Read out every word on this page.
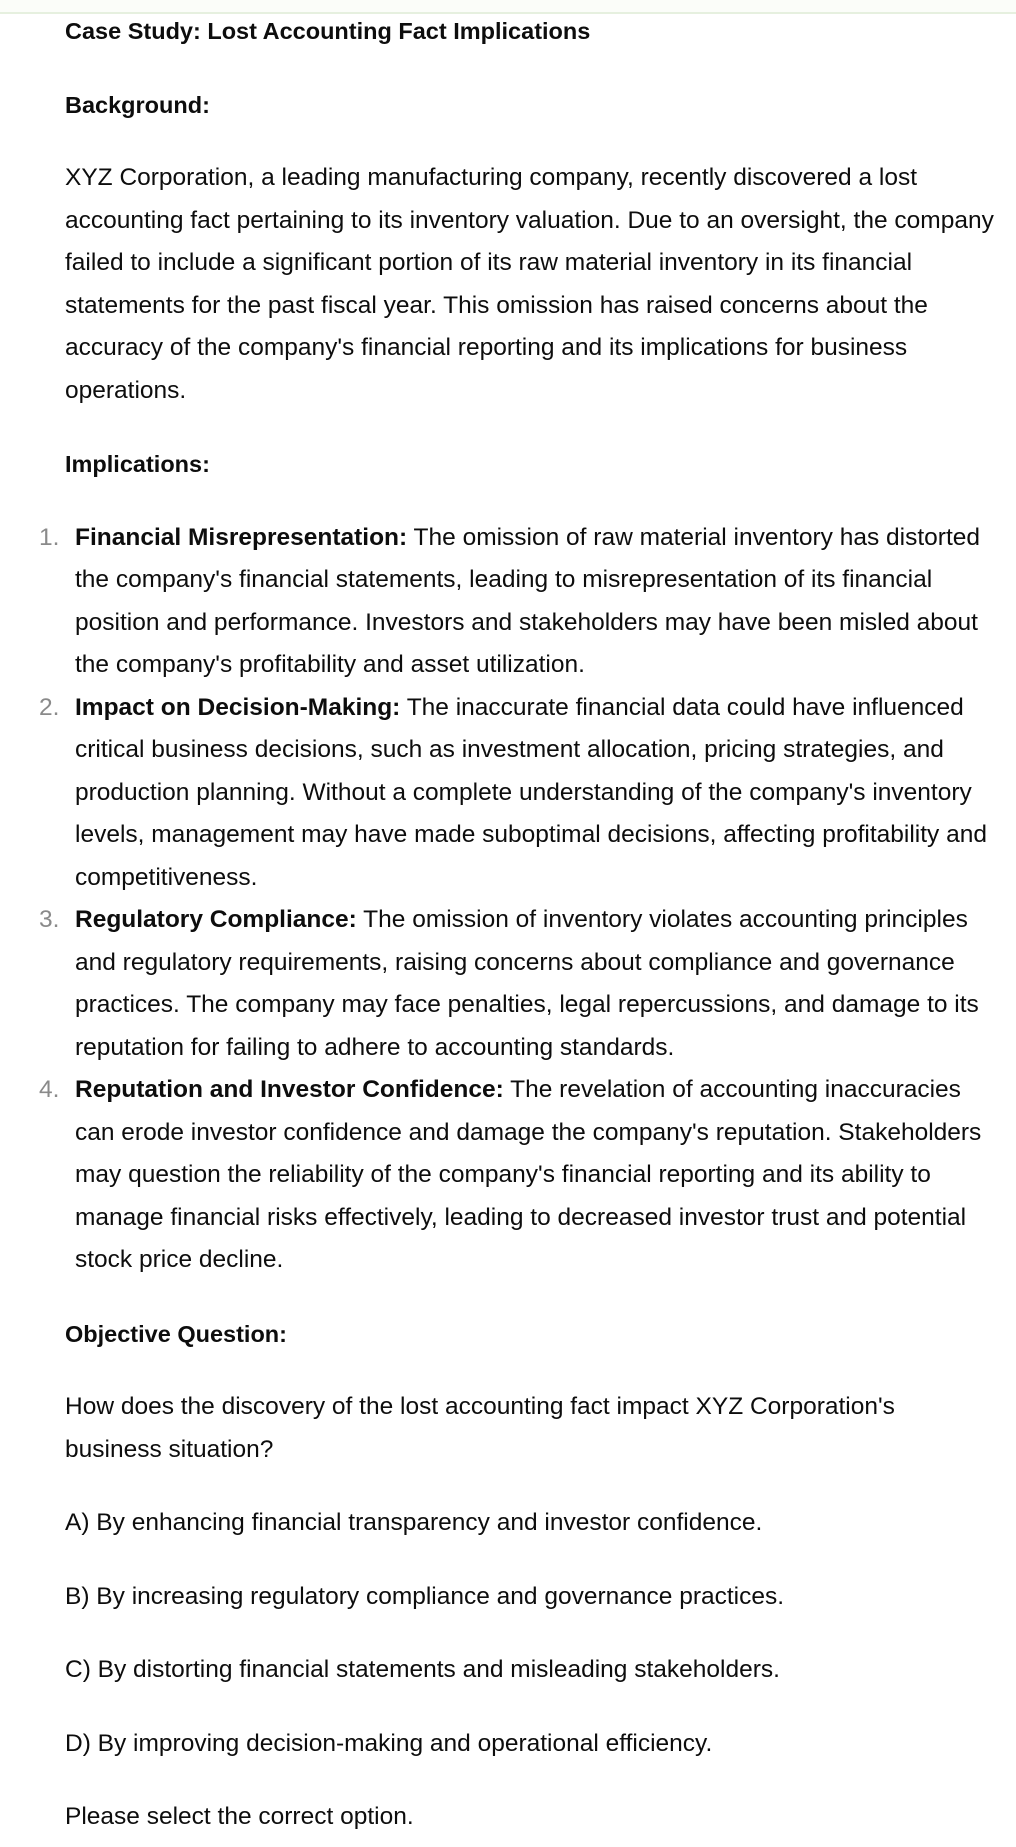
Case Study: Lost Accounting Fact Implications

Background:

XYZ Corporation, a leading manufacturing company, recently discovered a lost accounting fact pertaining to its inventory valuation. Due to an oversight, the company failed to include a significant portion of its raw material inventory in its financial statements for the past fiscal year. This omission has raised concerns about the accuracy of the company's financial reporting and its implications for business operations.

Implications:

1. Financial Misrepresentation: The omission of raw material inventory has distorted the company's financial statements, leading to misrepresentation of its financial position and performance. Investors and stakeholders may have been misled about the company's profitability and asset utilization.
2. Impact on Decision-Making: The inaccurate financial data could have influenced critical business decisions, such as investment allocation, pricing strategies, and production planning. Without a complete understanding of the company's inventory levels, management may have made suboptimal decisions, affecting profitability and competitiveness.
3. Regulatory Compliance: The omission of inventory violates accounting principles and regulatory requirements, raising concerns about compliance and governance practices. The company may face penalties, legal repercussions, and damage to its reputation for failing to adhere to accounting standards.
4. Reputation and Investor Confidence: The revelation of accounting inaccuracies can erode investor confidence and damage the company's reputation. Stakeholders may question the reliability of the company's financial reporting and its ability to manage financial risks effectively, leading to decreased investor trust and potential stock price decline.

Objective Question:

How does the discovery of the lost accounting fact impact XYZ Corporation's business situation?

A) By enhancing financial transparency and investor confidence.

B) By increasing regulatory compliance and governance practices.

C) By distorting financial statements and misleading stakeholders.

D) By improving decision-making and operational efficiency.

Please select the correct option.
